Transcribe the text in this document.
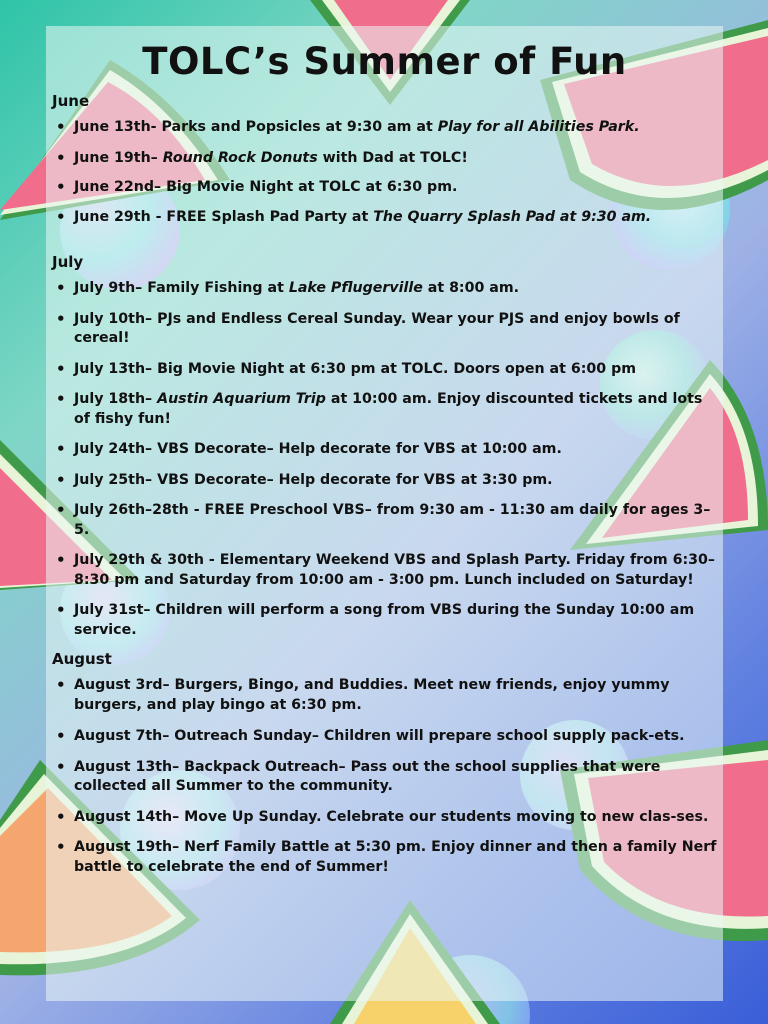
TOLC’s Summer of Fun
June
• June 13th- Parks and Popsicles at 9:30 am at Play for all Abilities Park.
• June 19th– Round Rock Donuts with Dad at TOLC!
• June 22nd– Big Movie Night at TOLC at 6:30 pm.
• June 29th - FREE Splash Pad Party at The Quarry Splash Pad at 9:30 am.
July
• July 9th– Family Fishing at Lake Pflugerville at 8:00 am.
• July 10th– PJs and Endless Cereal Sunday. Wear your PJS and enjoy bowls of cereal!
• July 13th– Big Movie Night at 6:30 pm at TOLC. Doors open at 6:00 pm
• July 18th– Austin Aquarium Trip at 10:00 am. Enjoy discounted tickets and lots of fishy fun!
• July 24th– VBS Decorate– Help decorate for VBS at 10:00 am.
• July 25th– VBS Decorate– Help decorate for VBS at 3:30 pm.
• July 26th–28th - FREE Preschool VBS– from 9:30 am - 11:30 am daily for ages 3–5.
• July 29th & 30th - Elementary Weekend VBS and Splash Party. Friday from 6:30–8:30 pm and Saturday from 10:00 am - 3:00 pm. Lunch included on Saturday!
• July 31st– Children will perform a song from VBS during the Sunday 10:00 am service.
August
• August 3rd– Burgers, Bingo, and Buddies. Meet new friends, enjoy yummy burgers, and play bingo at 6:30 pm.
• August 7th– Outreach Sunday– Children will prepare school supply pack-ets.
• August 13th– Backpack Outreach– Pass out the school supplies that were collected all Summer to the community.
• August 14th– Move Up Sunday. Celebrate our students moving to new clas-ses.
• August 19th– Nerf Family Battle at 5:30 pm. Enjoy dinner and then a family Nerf battle to celebrate the end of Summer!
